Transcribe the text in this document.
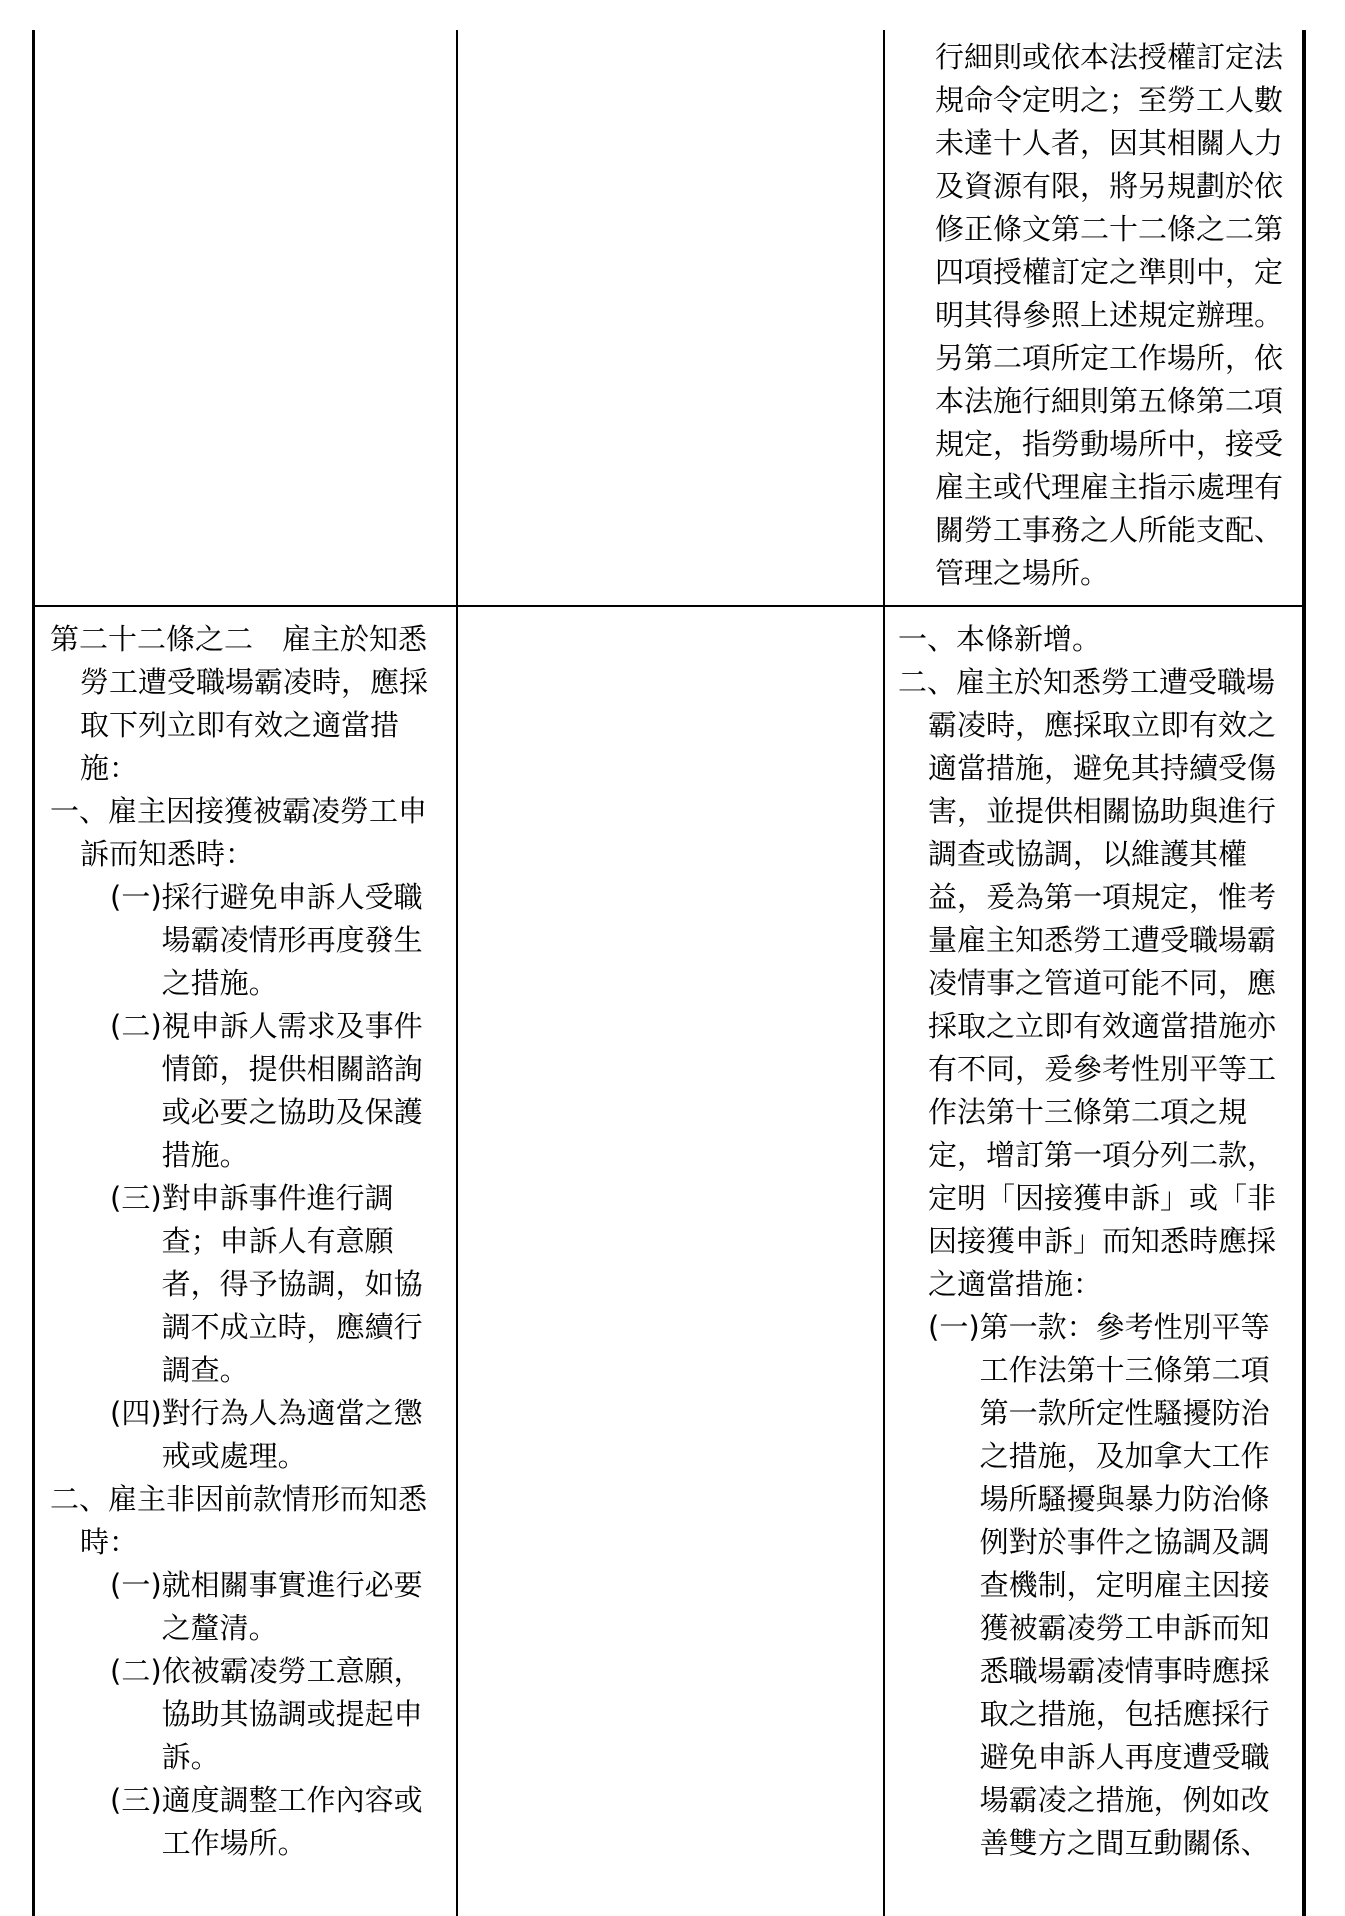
行細則或依本法授權訂定法規命令定明之；至勞工人數未達十人者，因其相關人力及資源有限，將另規劃於依修正條文第二十二條之二第四項授權訂定之準則中，定明其得參照上述規定辦理。另第二項所定工作場所，依本法施行細則第五條第二項規定，指勞動場所中，接受雇主或代理雇主指示處理有關勞工事務之人所能支配、管理之場所。

第二十二條之二　雇主於知悉勞工遭受職場霸凌時，應採取下列立即有效之適當措施：

一、雇主因接獲被霸凌勞工申訴而知悉時：

(一) 採行避免申訴人受職場霸凌情形再度發生之措施。
(二) 視申訴人需求及事件情節，提供相關諮詢或必要之協助及保護措施。
(三) 對申訴事件進行調查；申訴人有意願者，得予協調，如協調不成立時，應續行調查。
(四) 對行為人為適當之懲戒或處理。

二、雇主非因前款情形而知悉時：

(一) 就相關事實進行必要之釐清。
(二) 依被霸凌勞工意願，協助其協調或提起申訴。
(三) 適度調整工作內容或工作場所。

一、本條新增。

二、雇主於知悉勞工遭受職場霸凌時，應採取立即有效之適當措施，避免其持續受傷害，並提供相關協助與進行調查或協調，以維護其權益，爰為第一項規定，惟考量雇主知悉勞工遭受職場霸凌情事之管道可能不同，應採取之立即有效適當措施亦有不同，爰參考性別平等工作法第十三條第二項之規定，增訂第一項分列二款，定明「因接獲申訴」或「非因接獲申訴」而知悉時應採之適當措施：

(一) 第一款：參考性別平等工作法第十三條第二項第一款所定性騷擾防治之措施，及加拿大工作場所騷擾與暴力防治條例對於事件之協調及調查機制，定明雇主因接獲被霸凌勞工申訴而知悉職場霸凌情事時應採取之措施，包括應採行避免申訴人再度遭受職場霸凌之措施，例如改善雙方之間互動關係、
